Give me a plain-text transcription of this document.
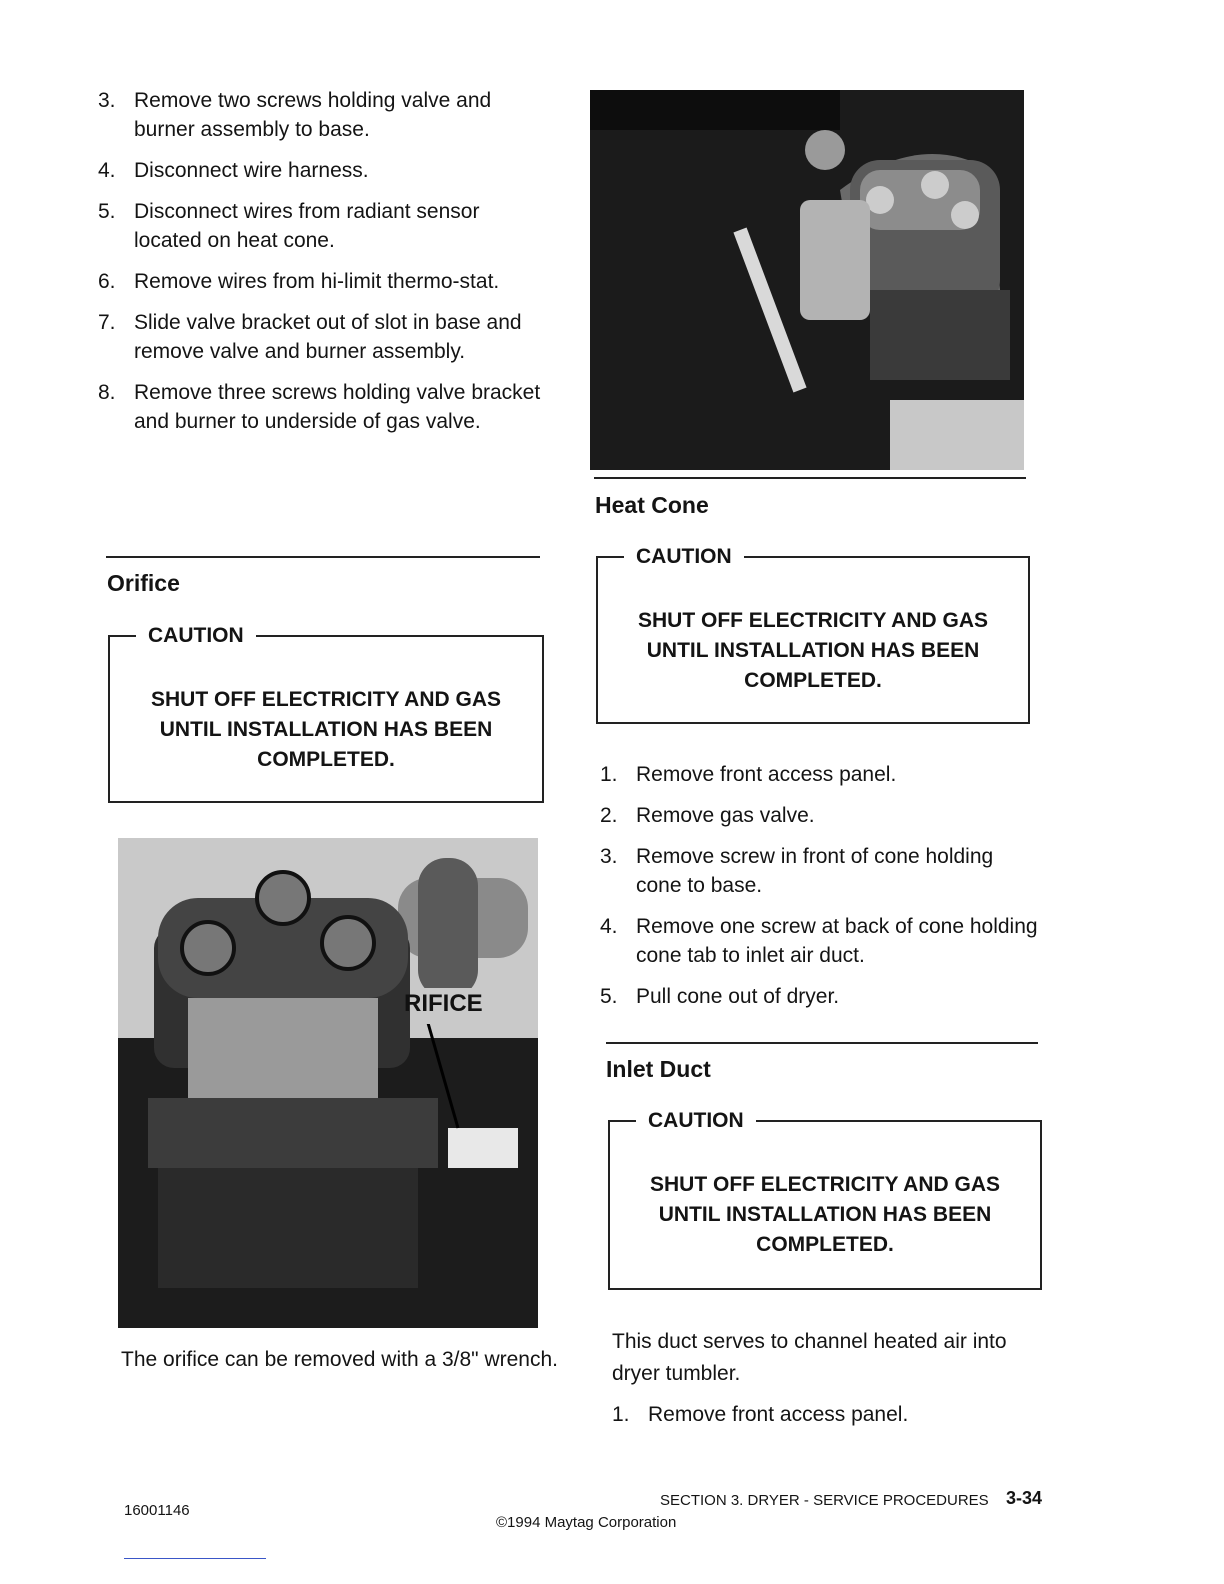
3. Remove two screws holding valve and burner assembly to base.
4. Disconnect wire harness.
5. Disconnect wires from radiant sensor located on heat cone.
6. Remove wires from hi-limit thermo-stat.
7. Slide valve bracket out of slot in base and remove valve and burner assembly.
8. Remove three screws holding valve bracket and burner to underside of gas valve.
Orifice
CAUTION

SHUT OFF ELECTRICITY AND GAS UNTIL INSTALLATION HAS BEEN COMPLETED.

RIFICE

The orifice can be removed with a 3/8" wrench.

Heat Cone
CAUTION

SHUT OFF ELECTRICITY AND GAS UNTIL INSTALLATION HAS BEEN COMPLETED.

1. Remove front access panel.
2. Remove gas valve.
3. Remove screw in front of cone holding cone to base.
4. Remove one screw at back of cone holding cone tab to inlet air duct.
5. Pull cone out of dryer.
Inlet Duct
CAUTION

SHUT OFF ELECTRICITY AND GAS UNTIL INSTALLATION HAS BEEN COMPLETED.

This duct serves to channel heated air into dryer tumbler.

1. Remove front access panel.
16001146
SECTION 3. DRYER - SERVICE PROCEDURES 3-34
©1994 Maytag Corporation
